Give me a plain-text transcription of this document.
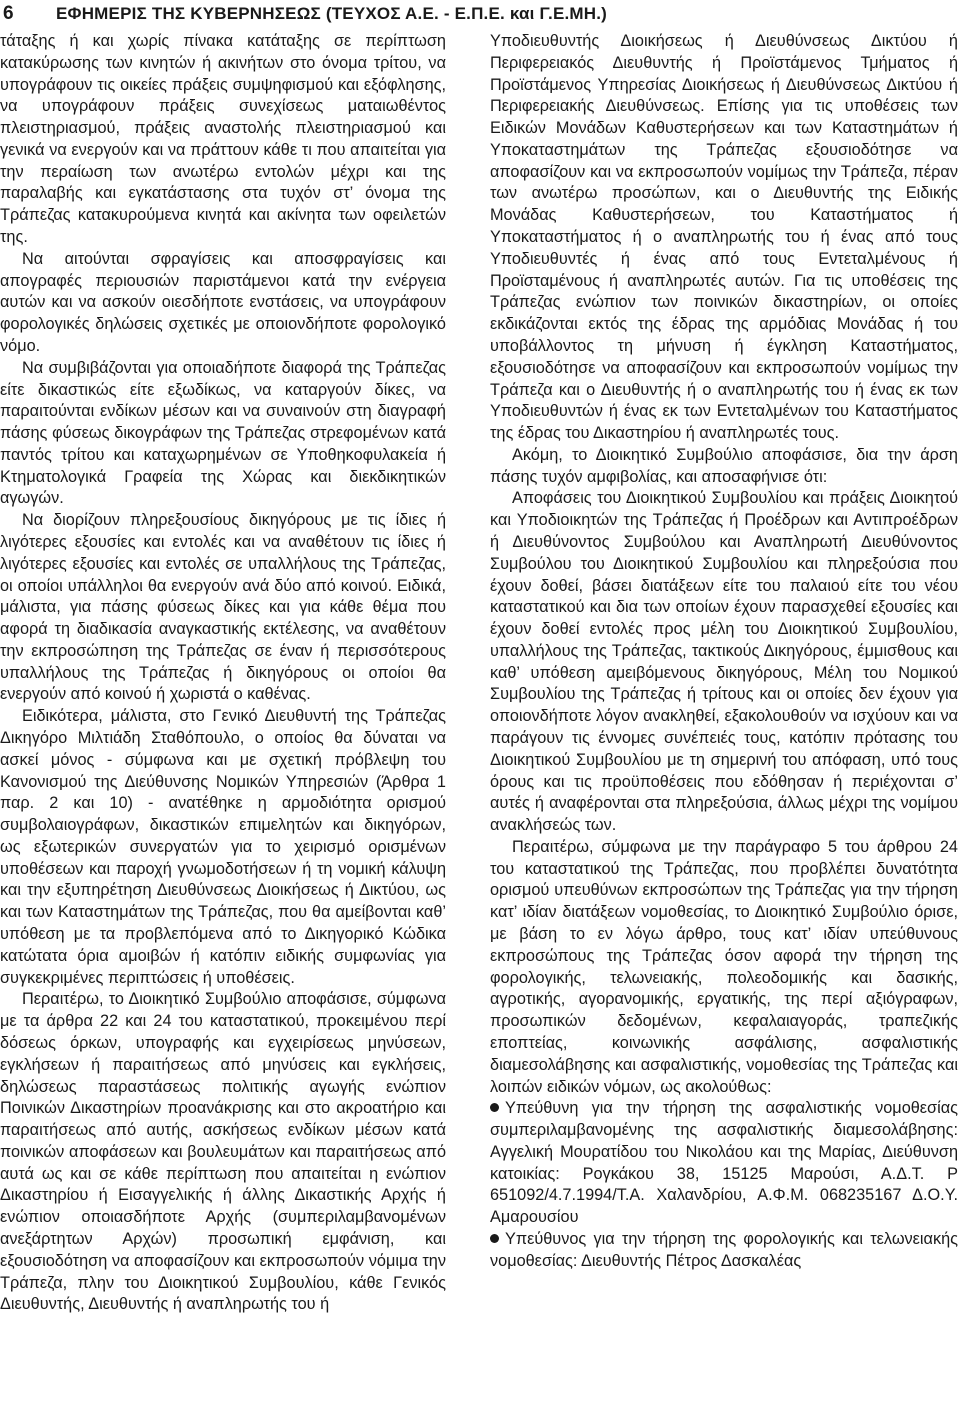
6 ΕΦΗΜΕΡΙΣ ΤΗΣ ΚΥΒΕΡΝΗΣΕΩΣ (ΤΕΥΧΟΣ Α.Ε. - Ε.Π.Ε. και Γ.Ε.ΜΗ.)

τάταξης ή και χωρίς πίνακα κατάταξης σε περίπτωση κατακύρωσης των κινητών ή ακινήτων στο όνομα τρίτου, να υπογράφουν τις οικείες πράξεις συμψηφισμού και εξόφλησης, να υπογράφουν πράξεις συνεχίσεως ματαιωθέντος πλειστηριασμού, πράξεις αναστολής πλειστηριασμού και γενικά να ενεργούν και να πράττουν κάθε τι που απαιτείται για την περαίωση των ανωτέρω εντολών μέχρι και της παραλαβής και εγκατάστασης στα τυχόν στ’ όνομα της Τράπεζας κατακυρούμενα κινητά και ακίνητα των οφειλετών της.

Να αιτούνται σφραγίσεις και αποσφραγίσεις και απογραφές περιουσιών παριστάμενοι κατά την ενέργεια αυτών και να ασκούν οιεσδήποτε ενστάσεις, να υπογράφουν φορολογικές δηλώσεις σχετικές με οποιονδήποτε φορολογικό νόμο.

Να συμβιβάζονται για οποιαδήποτε διαφορά της Τράπεζας είτε δικαστικώς είτε εξωδίκως, να καταργούν δίκες, να παραιτούνται ενδίκων μέσων και να συναινούν στη διαγραφή πάσης φύσεως δικογράφων της Τράπεζας στρεφομένων κατά παντός τρίτου και καταχωρημένων σε Υποθηκοφυλακεία ή Κτηματολογικά Γραφεία της Χώρας και διεκδικητικών αγωγών.

Να διορίζουν πληρεξουσίους δικηγόρους με τις ίδιες ή λιγότερες εξουσίες και εντολές και να αναθέτουν τις ίδιες ή λιγότερες εξουσίες και εντολές σε υπαλλήλους της Τράπεζας, οι οποίοι υπάλληλοι θα ενεργούν ανά δύο από κοινού. Ειδικά, μάλιστα, για πάσης φύσεως δίκες και για κάθε θέμα που αφορά τη διαδικασία αναγκαστικής εκτέλεσης, να αναθέτουν την εκπροσώπηση της Τράπεζας σε έναν ή περισσότερους υπαλλήλους της Τράπεζας ή δικηγόρους οι οποίοι θα ενεργούν από κοινού ή χωριστά ο καθένας.

Ειδικότερα, μάλιστα, στο Γενικό Διευθυντή της Τράπεζας Δικηγόρο Μιλτιάδη Σταθόπουλο, ο οποίος θα δύναται να ασκεί μόνος - σύμφωνα και με σχετική πρόβλεψη του Κανονισμού της Διεύθυνσης Νομικών Υπηρεσιών (Άρθρα 1 παρ. 2 και 10) - ανατέθηκε η αρμοδιότητα ορισμού συμβολαιογράφων, δικαστικών επιμελητών και δικηγόρων, ως εξωτερικών συνεργατών για το χειρισμό ορισμένων υποθέσεων και παροχή γνωμοδοτήσεων ή τη νομική κάλυψη και την εξυπηρέτηση Διευθύνσεως Διοικήσεως ή Δικτύου, ως και των Καταστημάτων της Τράπεζας, που θα αμείβονται καθ’ υπόθεση με τα προβλεπόμενα από το Δικηγορικό Κώδικα κατώτατα όρια αμοιβών ή κατόπιν ειδικής συμφωνίας για συγκεκριμένες περιπτώσεις ή υποθέσεις.

Περαιτέρω, το Διοικητικό Συμβούλιο αποφάσισε, σύμφωνα με τα άρθρα 22 και 24 του καταστατικού, προκειμένου περί δόσεως όρκων, υπογραφής και εγχειρίσεως μηνύσεων, εγκλήσεων ή παραιτήσεως από μηνύσεις και εγκλήσεις, δηλώσεως παραστάσεως πολιτικής αγωγής ενώπιον Ποινικών Δικαστηρίων προανάκρισης και στο ακροατήριο και παραιτήσεως από αυτής, ασκήσεως ενδίκων μέσων κατά ποινικών αποφάσεων και βουλευμάτων και παραιτήσεως από αυτά ως και σε κάθε περίπτωση που απαιτείται η ενώπιον Δικαστηρίου ή Εισαγγελικής ή άλλης Δικαστικής Αρχής ή ενώπιον οποιασδήποτε Αρχής (συμπεριλαμβανομένων ανεξάρτητων Αρχών) προσωπική εμφάνιση, και εξουσιοδότηση να αποφασίζουν και εκπροσωπούν νόμιμα την Τράπεζα, πλην του Διοικητικού Συμβουλίου, κάθε Γενικός Διευθυντής, Διευθυντής ή αναπληρωτής του ή

Υποδιευθυντής Διοικήσεως ή Διευθύνσεως Δικτύου ή Περιφερειακός Διευθυντής ή Προϊστάμενος Τμήματος ή Προϊστάμενος Υπηρεσίας Διοικήσεως ή Διευθύνσεως Δικτύου ή Περιφερειακής Διευθύνσεως. Επίσης για τις υποθέσεις των Ειδικών Μονάδων Καθυστερήσεων και των Καταστημάτων ή Υποκαταστημάτων της Τράπεζας εξουσιοδότησε να αποφασίζουν και να εκπροσωπούν νομίμως την Τράπεζα, πέραν των ανωτέρω προσώπων, και ο Διευθυντής της Ειδικής Μονάδας Καθυστερήσεων, του Καταστήματος ή Υποκαταστήματος ή ο αναπληρωτής του ή ένας από τους Υποδιευθυντές ή ένας από τους Εντεταλμένους ή Προϊσταμένους ή αναπληρωτές αυτών. Για τις υποθέσεις της Τράπεζας ενώπιον των ποινικών δικαστηρίων, οι οποίες εκδικάζονται εκτός της έδρας της αρμόδιας Μονάδας ή του υποβάλλοντος τη μήνυση ή έγκληση Καταστήματος, εξουσιοδότησε να αποφασίζουν και εκπροσωπούν νομίμως την Τράπεζα και ο Διευθυντής ή ο αναπληρωτής του ή ένας εκ των Υποδιευθυντών ή ένας εκ των Εντεταλμένων του Καταστήματος της έδρας του Δικαστηρίου ή αναπληρωτές τους.

Ακόμη, το Διοικητικό Συμβούλιο αποφάσισε, δια την άρση πάσης τυχόν αμφιβολίας, και αποσαφήνισε ότι:

Αποφάσεις του Διοικητικού Συμβουλίου και πράξεις Διοικητού και Υποδιοικητών της Τράπεζας ή Προέδρων και Αντιπροέδρων ή Διευθύνοντος Συμβούλου και Αναπληρωτή Διευθύνοντος Συμβούλου του Διοικητικού Συμβουλίου και πληρεξούσια που έχουν δοθεί, βάσει διατάξεων είτε του παλαιού είτε του νέου καταστατικού και δια των οποίων έχουν παρασχεθεί εξουσίες και έχουν δοθεί εντολές προς μέλη του Διοικητικού Συμβουλίου, υπαλλήλους της Τράπεζας, τακτικούς Δικηγόρους, έμμισθους και καθ’ υπόθεση αμειβόμενους δικηγόρους, Μέλη του Νομικού Συμβουλίου της Τράπεζας ή τρίτους και οι οποίες δεν έχουν για οποιονδήποτε λόγον ανακληθεί, εξακολουθούν να ισχύουν και να παράγουν τις έννομες συνέπειές τους, κατόπιν πρότασης του Διοικητικού Συμβουλίου με τη σημερινή του απόφαση, υπό τους όρους και τις προϋποθέσεις που εδόθησαν ή περιέχονται σ’ αυτές ή αναφέρονται στα πληρεξούσια, άλλως μέχρι της νομίμου ανακλήσεώς των.

Περαιτέρω, σύμφωνα με την παράγραφο 5 του άρθρου 24 του καταστατικού της Τράπεζας, που προβλέπει δυνατότητα ορισμού υπευθύνων εκπροσώπων της Τράπεζας για την τήρηση κατ’ ιδίαν διατάξεων νομοθεσίας, το Διοικητικό Συμβούλιο όρισε, με βάση το εν λόγω άρθρο, τους κατ’ ιδίαν υπεύθυνους εκπροσώπους της Τράπεζας όσον αφορά την τήρηση της φορολογικής, τελωνειακής, πολεοδομικής και δασικής, αγροτικής, αγορανομικής, εργατικής, της περί αξιόγραφων, προσωπικών δεδομένων, κεφαλαιαγοράς, τραπεζικής εποπτείας, κοινωνικής ασφάλισης, ασφαλιστικής διαμεσολάβησης και ασφαλιστικής, νομοθεσίας της Τράπεζας και λοιπών ειδικών νόμων, ως ακολούθως:

Υπεύθυνη για την τήρηση της ασφαλιστικής νομοθεσίας συμπεριλαμβανομένης της ασφαλιστικής διαμεσολάβησης: Αγγελική Μουρατίδου του Νικολάου και της Μαρίας, Διεύθυνση κατοικίας: Ρογκάκου 38, 15125 Μαρούσι, Α.Δ.Τ. Ρ 651092/4.7.1994/Τ.Α. Χαλανδρίου, Α.Φ.Μ. 068235167 Δ.Ο.Υ. Αμαρουσίου

Υπεύθυνος για την τήρηση της φορολογικής και τελωνειακής νομοθεσίας: Διευθυντής Πέτρος Δασκαλέας
